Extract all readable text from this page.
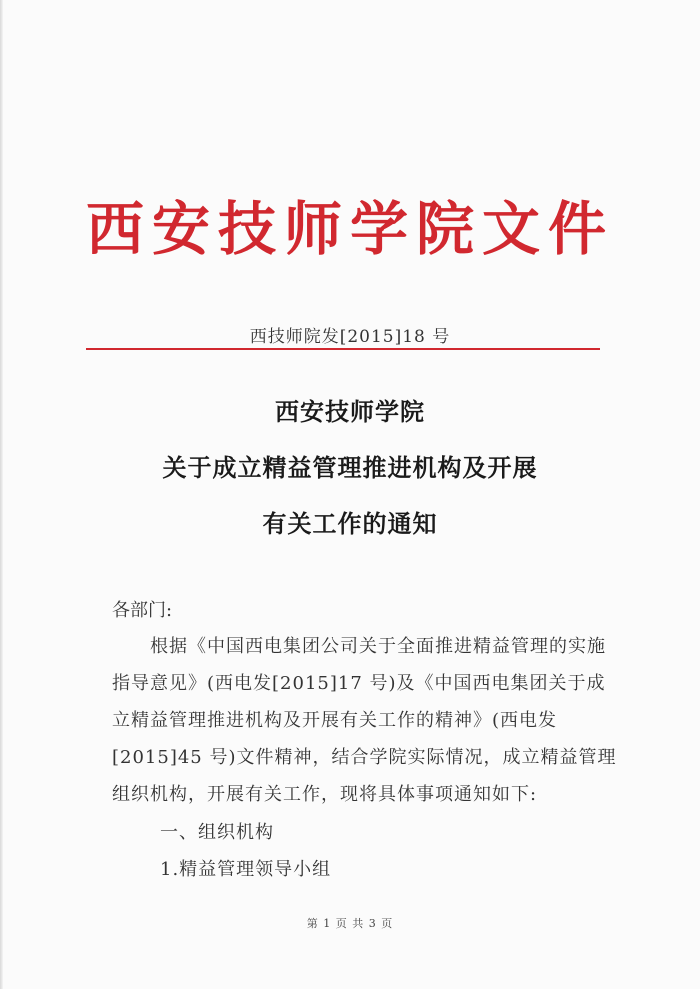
西安技师学院文件
西技师院发[2015]18 号
西安技师学院
关于成立精益管理推进机构及开展
有关工作的通知
各部门:
根据《中国西电集团公司关于全面推进精益管理的实施
指导意见》(西电发[2015]17 号)及《中国西电集团关于成
立精益管理推进机构及开展有关工作的精神》(西电发
[2015]45 号)文件精神，结合学院实际情况，成立精益管理
组织机构，开展有关工作，现将具体事项通知如下:
一、组织机构
1.精益管理领导小组
第 1 页 共 3 页
